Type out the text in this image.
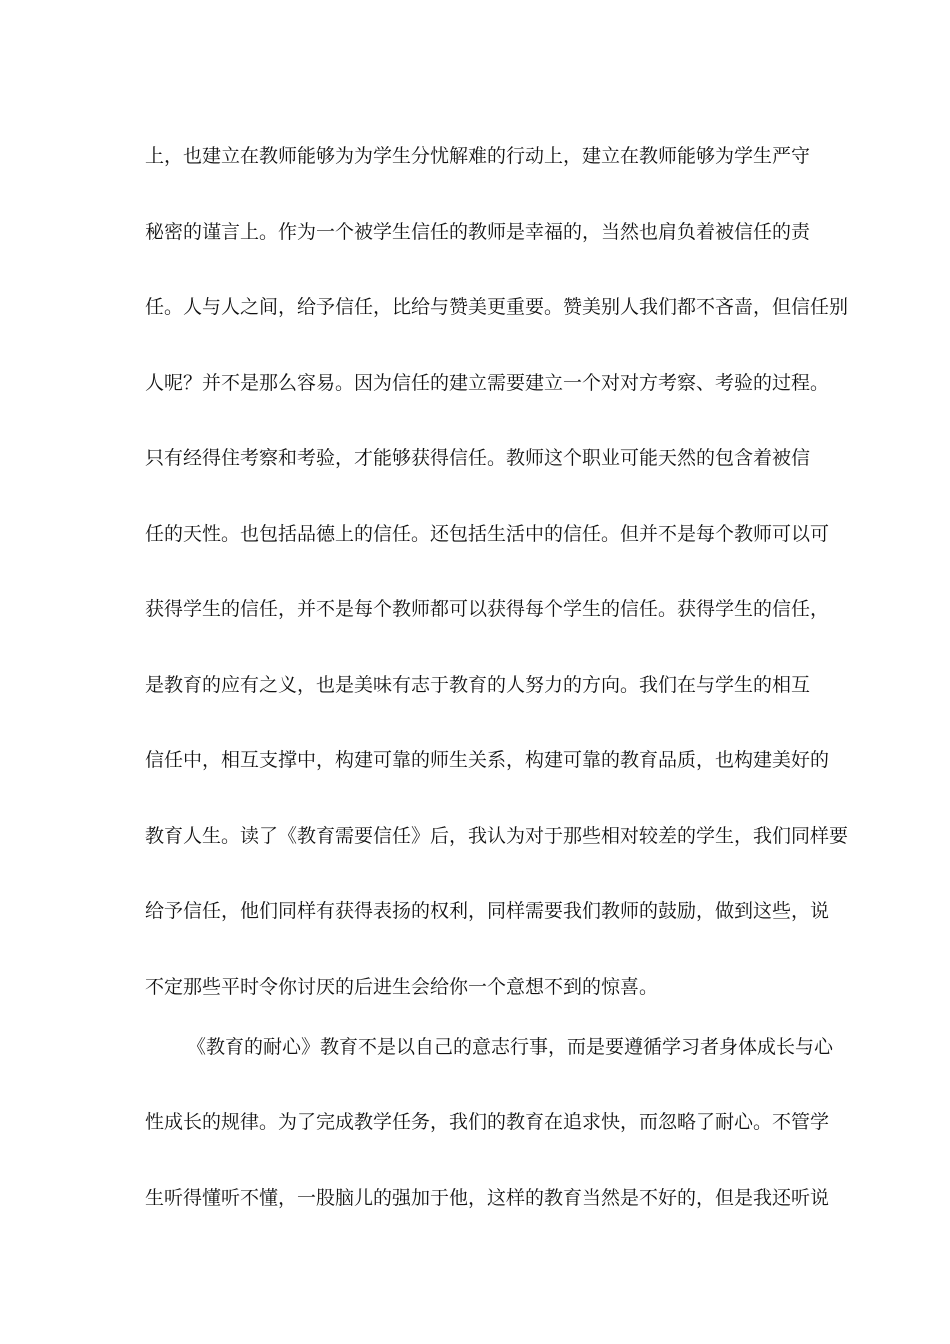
上，也建立在教师能够为为学生分忧解难的行动上，建立在教师能够为学生严守
秘密的谨言上。作为一个被学生信任的教师是幸福的，当然也肩负着被信任的责
任。人与人之间，给予信任，比给与赞美更重要。赞美别人我们都不吝啬，但信任别
人呢？并不是那么容易。因为信任的建立需要建立一个对对方考察、考验的过程。
只有经得住考察和考验，才能够获得信任。教师这个职业可能天然的包含着被信
任的天性。也包括品德上的信任。还包括生活中的信任。但并不是每个教师可以可
获得学生的信任，并不是每个教师都可以获得每个学生的信任。获得学生的信任，
是教育的应有之义，也是美味有志于教育的人努力的方向。我们在与学生的相互
信任中，相互支撑中，构建可靠的师生关系，构建可靠的教育品质，也构建美好的
教育人生。读了《教育需要信任》后，我认为对于那些相对较差的学生，我们同样要
给予信任，他们同样有获得表扬的权利，同样需要我们教师的鼓励，做到这些，说
不定那些平时令你讨厌的后进生会给你一个意想不到的惊喜。
《教育的耐心》教育不是以自己的意志行事，而是要遵循学习者身体成长与心
性成长的规律。为了完成教学任务，我们的教育在追求快，而忽略了耐心。不管学
生听得懂听不懂，一股脑儿的强加于他，这样的教育当然是不好的，但是我还听说
